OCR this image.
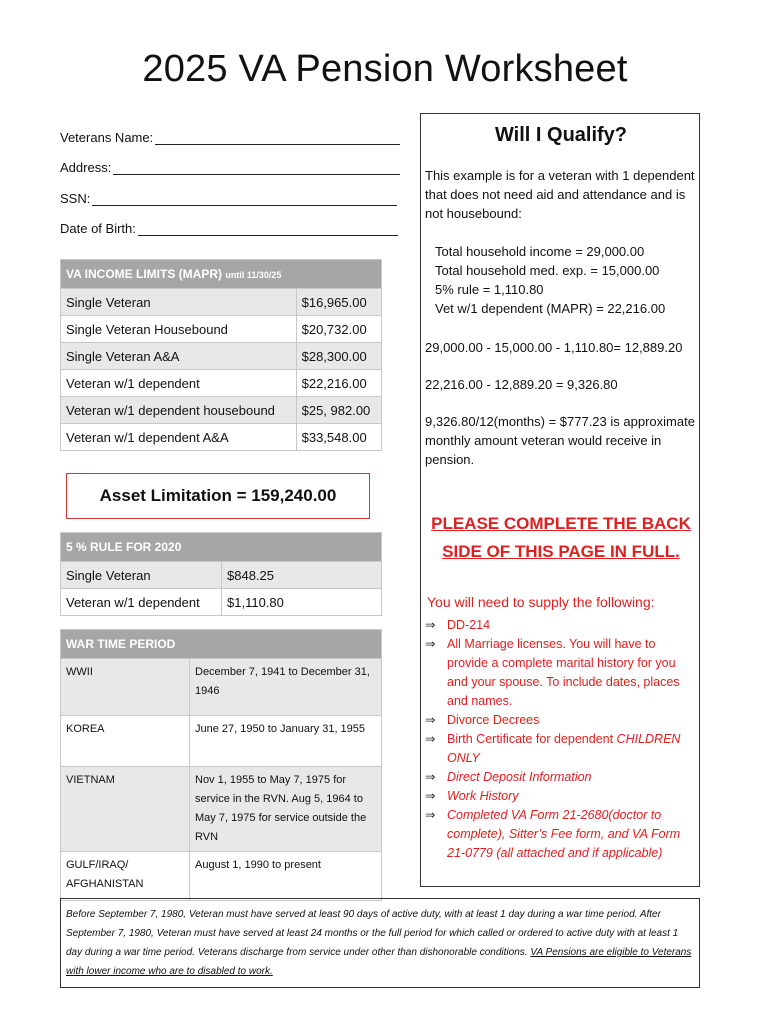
2025 VA Pension Worksheet
Veterans Name:
Address:
SSN:
Date of Birth:
VA INCOME LIMITS (MAPR) until 11/30/25	
Single Veteran	$16,965.00
Single Veteran Housebound	$20,732.00
Single Veteran A&A	$28,300.00
Veteran w/1 dependent	$22,216.00
Veteran w/1 dependent housebound	$25, 982.00
Veteran w/1 dependent A&A	$33,548.00
Asset Limitation = 159,240.00
5 % RULE FOR 2020	
Single Veteran	$848.25
Veteran w/1 dependent	$1,110.80
WAR TIME PERIOD	
WWII	December 7, 1941 to December 31, 1946
KOREA	June 27, 1950 to January 31, 1955
VIETNAM	Nov 1, 1955 to May 7, 1975 for service in the RVN. Aug 5, 1964 to May 7, 1975 for service outside the RVN
GULF/IRAQ/ AFGHANISTAN	August 1, 1990 to present
Will I Qualify?
This example is for a veteran with 1 dependent that does not need aid and attendance and is not housebound:
Total household income = 29,000.00
Total household med. exp. = 15,000.00
5% rule = 1,110.80
Vet w/1 dependent (MAPR) = 22,216.00
29,000.00 - 15,000.00 - 1,110.80= 12,889.20
22,216.00 - 12,889.20 = 9,326.80
9,326.80/12(months) = $777.23 is approximate monthly amount veteran would receive in pension.
PLEASE COMPLETE THE BACK SIDE OF THIS PAGE IN FULL.
You will need to supply the following:
⇒ DD-214
⇒ All Marriage licenses. You will have to provide a complete marital history for you and your spouse. To include dates, places and names.
⇒ Divorce Decrees
⇒ Birth Certificate for dependent CHILDREN ONLY
⇒ Direct Deposit Information
⇒ Work History
⇒ Completed VA Form 21-2680(doctor to complete), Sitter’s Fee form, and VA Form 21-0779 (all attached and if applicable)
Before September 7, 1980, Veteran must have served at least 90 days of active duty, with at least 1 day during a war time period. After September 7, 1980, Veteran must have served at least 24 months or the full period for which called or ordered to active duty with at least 1 day during a war time period. Veterans discharge from service under other than dishonorable conditions. VA Pensions are eligible to Veterans with lower income who are to disabled to work.
